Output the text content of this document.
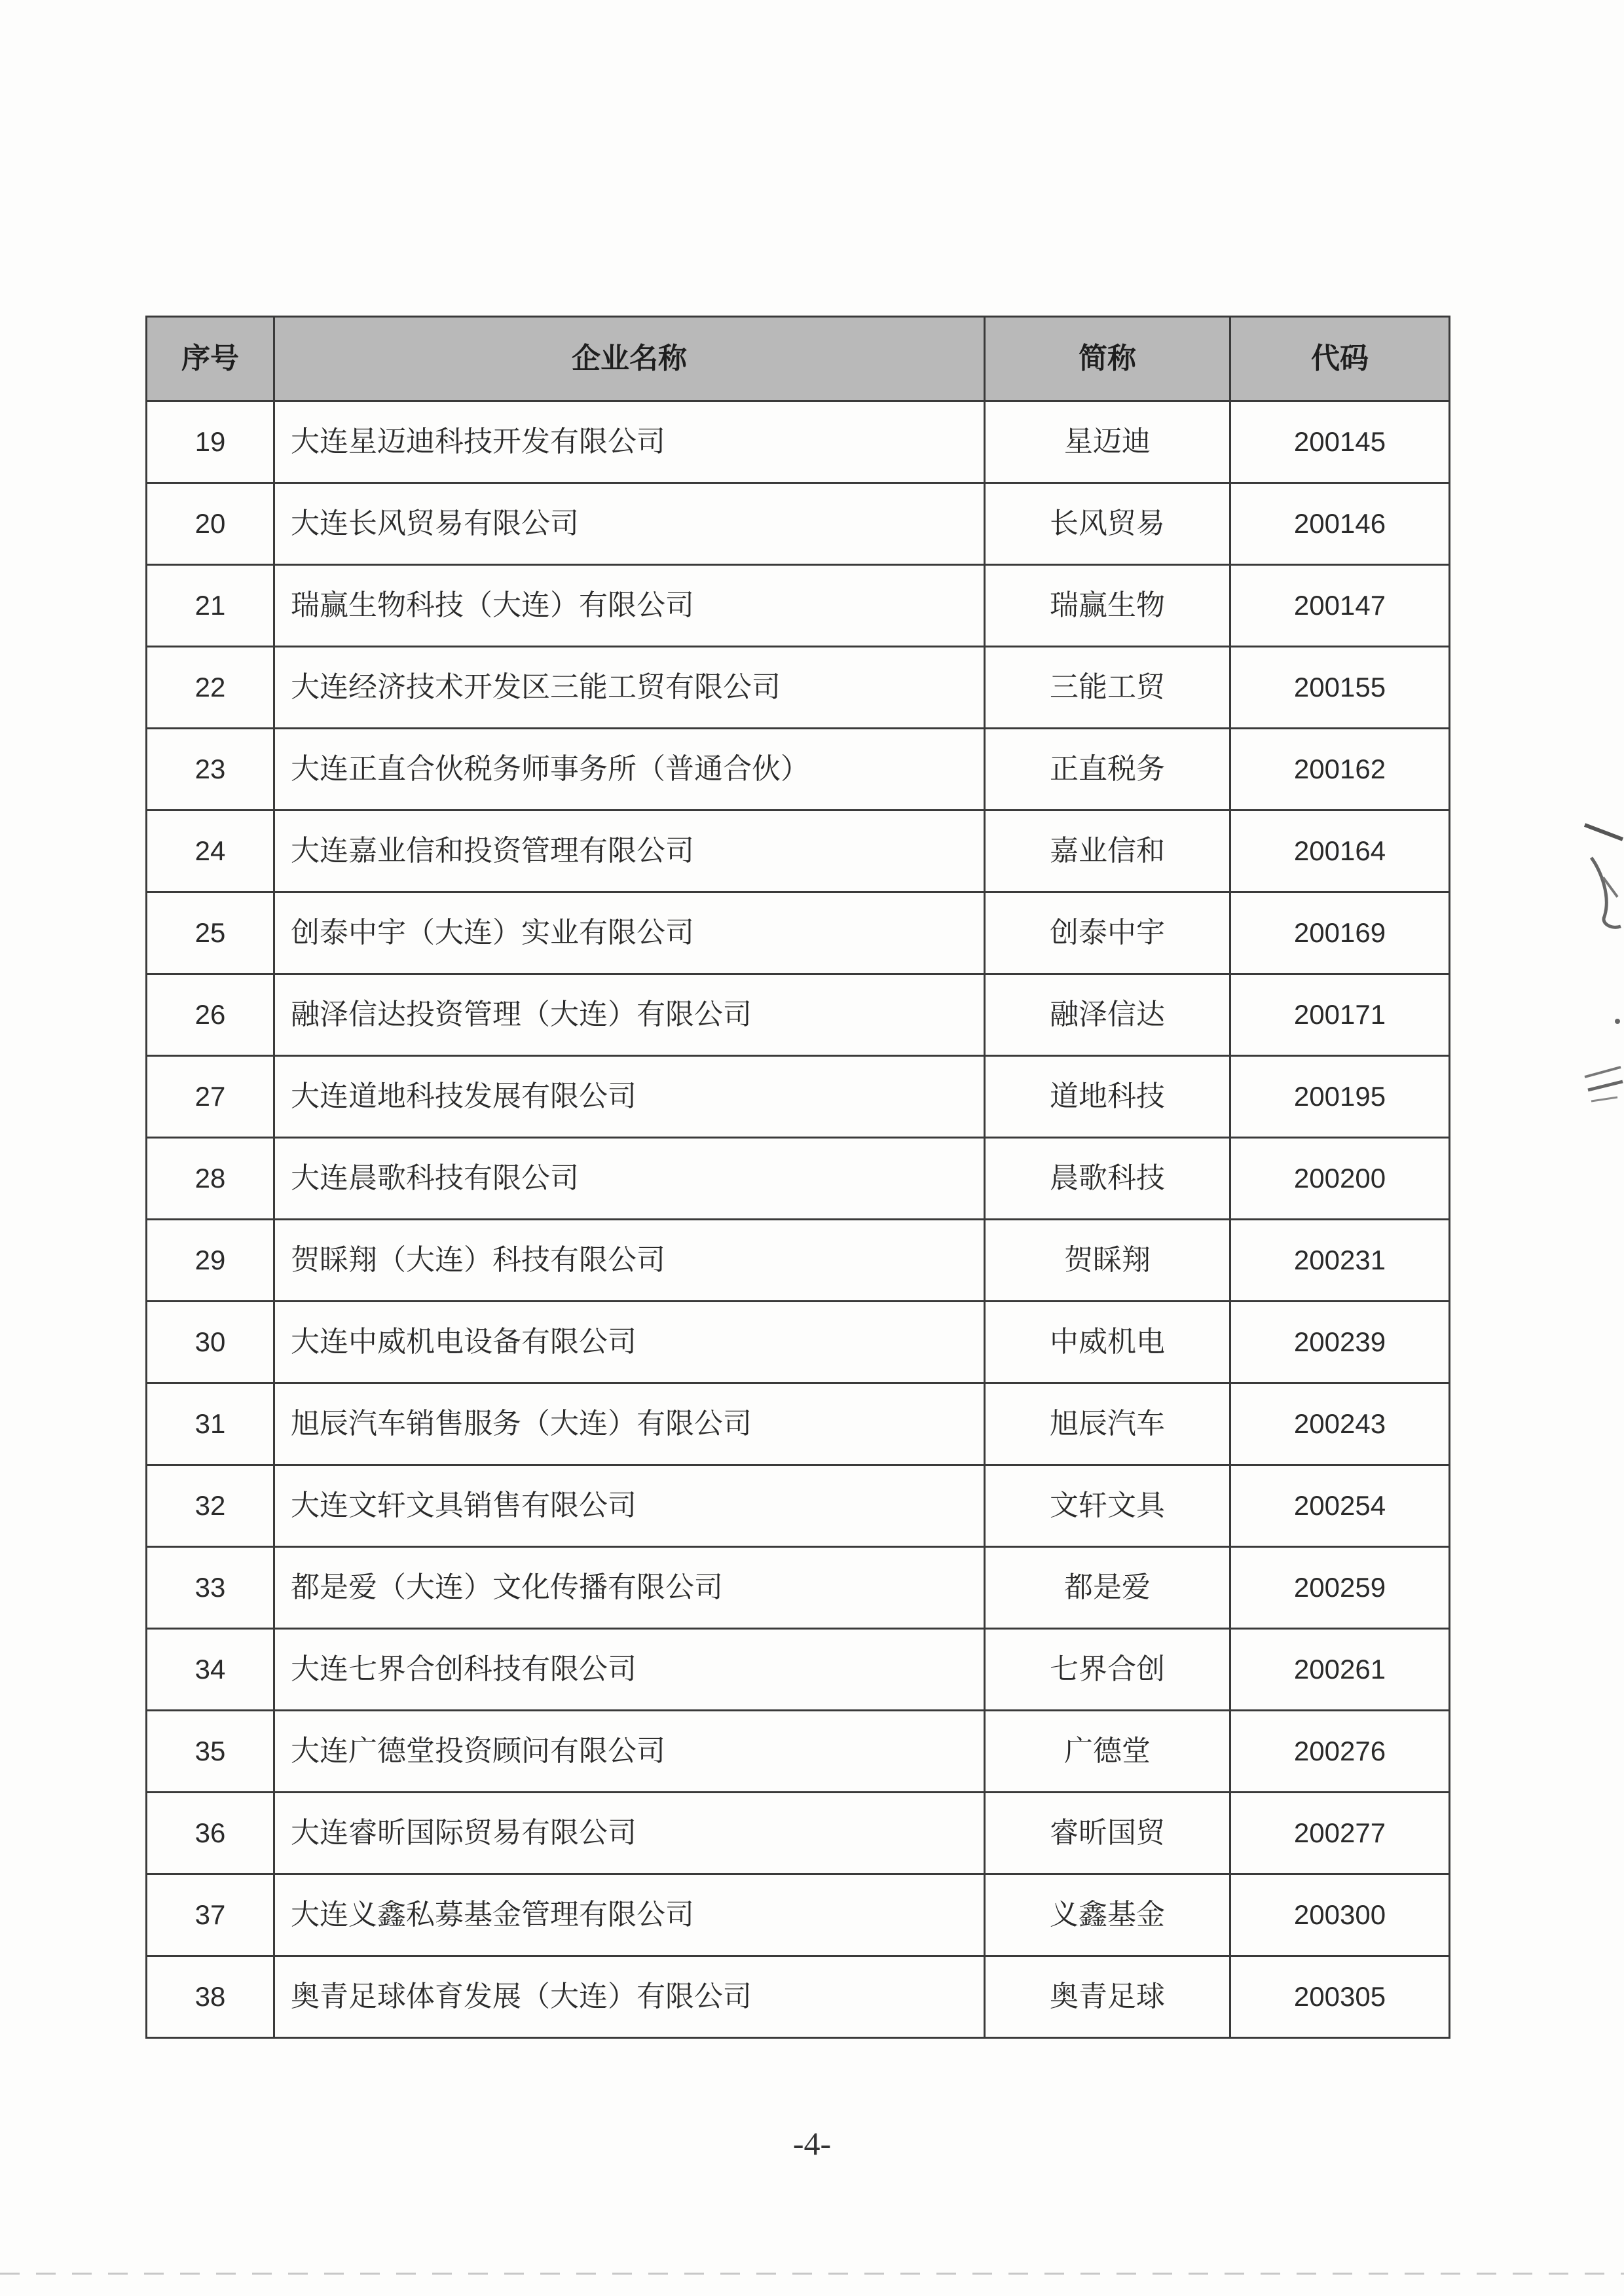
序号	企业名称	简称	代码
19	大连星迈迪科技开发有限公司	星迈迪	200145
20	大连长风贸易有限公司	长风贸易	200146
21	瑞赢生物科技（大连）有限公司	瑞赢生物	200147
22	大连经济技术开发区三能工贸有限公司	三能工贸	200155
23	大连正直合伙税务师事务所（普通合伙）	正直税务	200162
24	大连嘉业信和投资管理有限公司	嘉业信和	200164
25	创泰中宇（大连）实业有限公司	创泰中宇	200169
26	融泽信达投资管理（大连）有限公司	融泽信达	200171
27	大连道地科技发展有限公司	道地科技	200195
28	大连晨歌科技有限公司	晨歌科技	200200
29	贺睬翔（大连）科技有限公司	贺睬翔	200231
30	大连中威机电设备有限公司	中威机电	200239
31	旭辰汽车销售服务（大连）有限公司	旭辰汽车	200243
32	大连文轩文具销售有限公司	文轩文具	200254
33	都是爱（大连）文化传播有限公司	都是爱	200259
34	大连七界合创科技有限公司	七界合创	200261
35	大连广德堂投资顾问有限公司	广德堂	200276
36	大连睿昕国际贸易有限公司	睿昕国贸	200277
37	大连义鑫私募基金管理有限公司	义鑫基金	200300
38	奥青足球体育发展（大连）有限公司	奥青足球	200305
-4-
